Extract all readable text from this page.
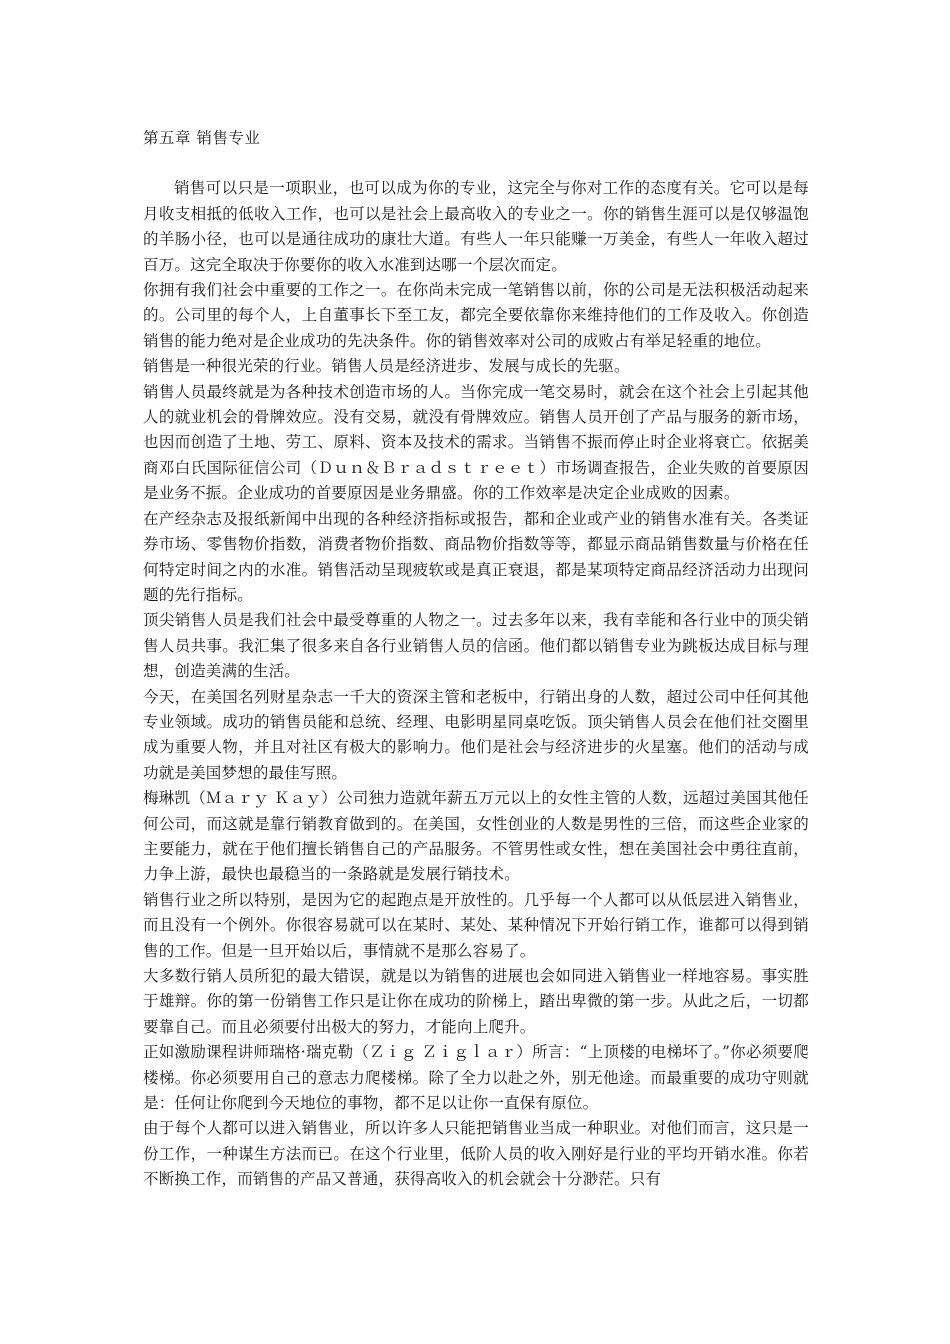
第五章 销售专业

销售可以只是一项职业，也可以成为你的专业，这完全与你对工作的态度有关。它可以是每月收支相抵的低收入工作，也可以是社会上最高收入的专业之一。你的销售生涯可以是仅够温饱的羊肠小径，也可以是通往成功的康壮大道。有些人一年只能赚一万美金，有些人一年收入超过百万。这完全取决于你要你的收入水准到达哪一个层次而定。

你拥有我们社会中重要的工作之一。在你尚未完成一笔销售以前，你的公司是无法积极活动起来的。公司里的每个人，上自董事长下至工友，都完全要依靠你来维持他们的工作及收入。你创造销售的能力绝对是企业成功的先决条件。你的销售效率对公司的成败占有举足轻重的地位。

销售是一种很光荣的行业。销售人员是经济进步、发展与成长的先驱。

销售人员最终就是为各种技术创造市场的人。当你完成一笔交易时，就会在这个社会上引起其他人的就业机会的骨牌效应。没有交易，就没有骨牌效应。销售人员开创了产品与服务的新市场，也因而创造了土地、劳工、原料、资本及技术的需求。当销售不振而停止时企业将衰亡。依据美商邓白氏国际征信公司（Ｄｕｎ＆Ｂｒａｄｓｔｒｅｅｔ）市场调查报告，企业失败的首要原因是业务不振。企业成功的首要原因是业务鼎盛。你的工作效率是决定企业成败的因素。

在产经杂志及报纸新闻中出现的各种经济指标或报告，都和企业或产业的销售水准有关。各类证券市场、零售物价指数，消费者物价指数、商品物价指数等等，都显示商品销售数量与价格在任何特定时间之内的水准。销售活动呈现疲软或是真正衰退，都是某项特定商品经济活动力出现问题的先行指标。

顶尖销售人员是我们社会中最受尊重的人物之一。过去多年以来，我有幸能和各行业中的顶尖销售人员共事。我汇集了很多来自各行业销售人员的信函。他们都以销售专业为跳板达成目标与理想，创造美满的生活。

今天，在美国名列财星杂志一千大的资深主管和老板中，行销出身的人数，超过公司中任何其他专业领域。成功的销售员能和总统、经理、电影明星同桌吃饭。顶尖销售人员会在他们社交圈里成为重要人物，并且对社区有极大的影响力。他们是社会与经济进步的火星塞。他们的活动与成功就是美国梦想的最佳写照。

梅琳凯（Ｍａｒｙ Ｋａｙ）公司独力造就年薪五万元以上的女性主管的人数，远超过美国其他任何公司，而这就是靠行销教育做到的。在美国，女性创业的人数是男性的三倍，而这些企业家的主要能力，就在于他们擅长销售自己的产品服务。不管男性或女性，想在美国社会中勇往直前，力争上游，最快也最稳当的一条路就是发展行销技术。

销售行业之所以特别，是因为它的起跑点是开放性的。几乎每一个人都可以从低层进入销售业，而且没有一个例外。你很容易就可以在某时、某处、某种情况下开始行销工作，谁都可以得到销售的工作。但是一旦开始以后，事情就不是那么容易了。

大多数行销人员所犯的最大错误，就是以为销售的进展也会如同进入销售业一样地容易。事实胜于雄辩。你的第一份销售工作只是让你在成功的阶梯上，踏出卑微的第一步。从此之后，一切都要靠自己。而且必须要付出极大的努力，才能向上爬升。

正如激励课程讲师瑞格·瑞克勒（Ｚｉｇ Ｚｉｇｌａｒ）所言：“上顶楼的电梯坏了。”你必须要爬楼梯。你必须要用自己的意志力爬楼梯。除了全力以赴之外，别无他途。而最重要的成功守则就是：任何让你爬到今天地位的事物，都不足以让你一直保有原位。

由于每个人都可以进入销售业，所以许多人只能把销售业当成一种职业。对他们而言，这只是一份工作，一种谋生方法而已。在这个行业里，低阶人员的收入刚好是行业的平均开销水准。你若不断换工作，而销售的产品又普通，获得高收入的机会就会十分渺茫。只有
